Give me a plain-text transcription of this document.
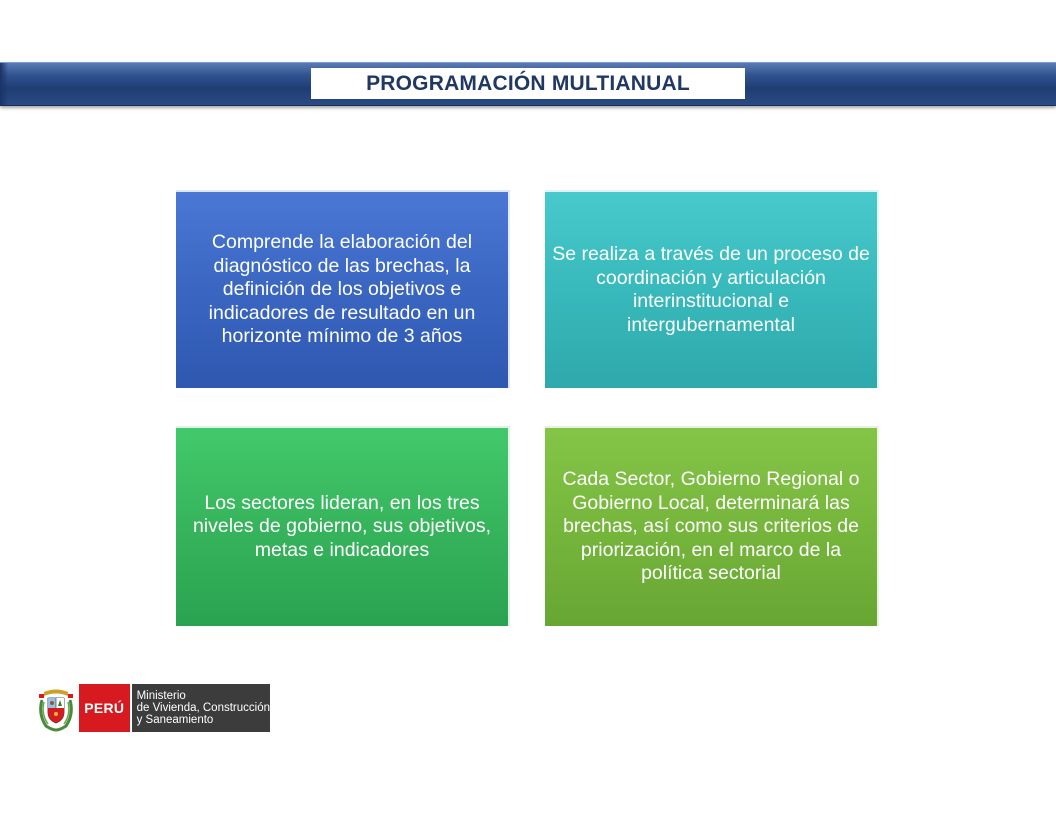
PROGRAMACIÓN MULTIANUAL
Comprende la elaboración del diagnóstico de las brechas, la definición de los objetivos e indicadores de resultado en un horizonte mínimo de 3 años
Se realiza a través de un proceso de coordinación y articulación interinstitucional e intergubernamental
Los sectores lideran, en los tres niveles de gobierno, sus objetivos, metas e indicadores
Cada Sector, Gobierno Regional o Gobierno Local, determinará las brechas, así como sus criterios de priorización, en el marco de la política sectorial
PERÚ
Ministerio
de Vivienda, Construcción
y Saneamiento
